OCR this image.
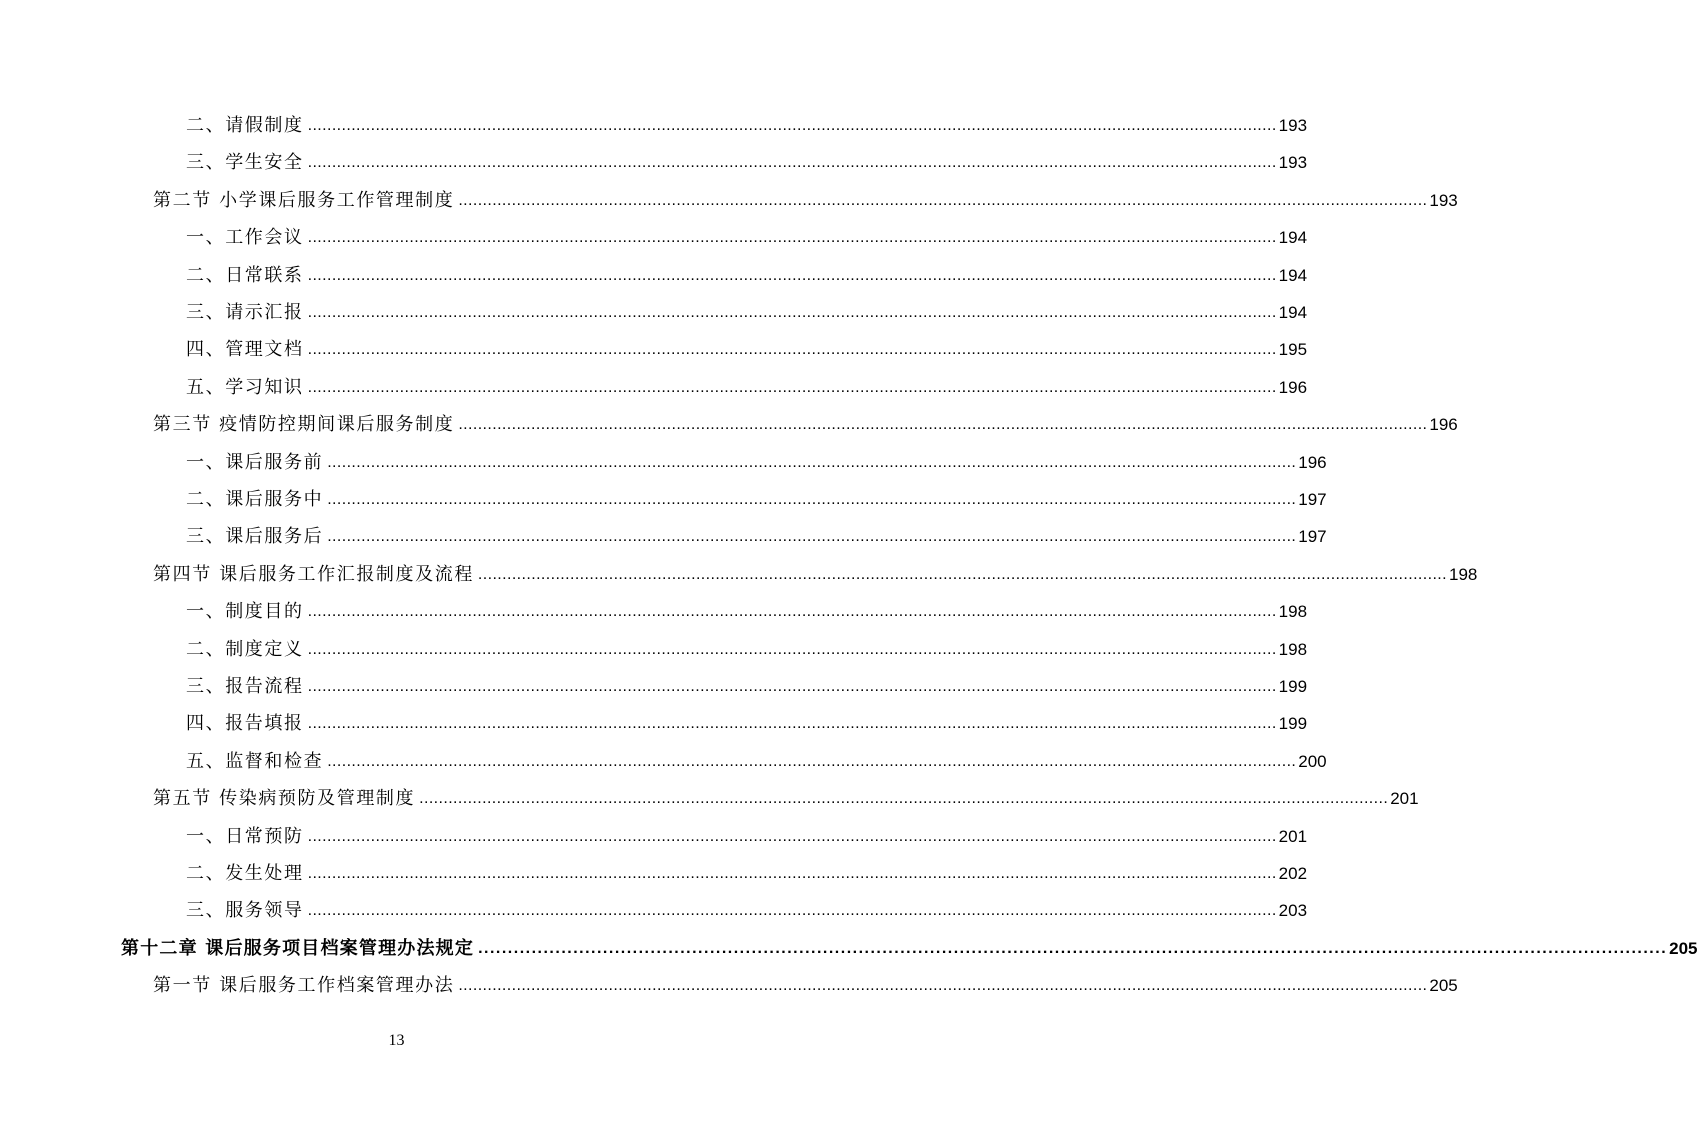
二、请假制度 ........................................................................................................................................................................................................ 193
三、学生安全 ........................................................................................................................................................................................................ 193
第二节 小学课后服务工作管理制度 ........................................................................................................................................................................................................ 193
一、工作会议 ........................................................................................................................................................................................................ 194
二、日常联系 ........................................................................................................................................................................................................ 194
三、请示汇报 ........................................................................................................................................................................................................ 194
四、管理文档 ........................................................................................................................................................................................................ 195
五、学习知识 ........................................................................................................................................................................................................ 196
第三节 疫情防控期间课后服务制度 ........................................................................................................................................................................................................ 196
一、课后服务前 ........................................................................................................................................................................................................ 196
二、课后服务中 ........................................................................................................................................................................................................ 197
三、课后服务后 ........................................................................................................................................................................................................ 197
第四节 课后服务工作汇报制度及流程 ........................................................................................................................................................................................................ 198
一、制度目的 ........................................................................................................................................................................................................ 198
二、制度定义 ........................................................................................................................................................................................................ 198
三、报告流程 ........................................................................................................................................................................................................ 199
四、报告填报 ........................................................................................................................................................................................................ 199
五、监督和检查 ........................................................................................................................................................................................................ 200
第五节 传染病预防及管理制度 ........................................................................................................................................................................................................ 201
一、日常预防 ........................................................................................................................................................................................................ 201
二、发生处理 ........................................................................................................................................................................................................ 202
三、服务领导 ........................................................................................................................................................................................................ 203
第十二章 课后服务项目档案管理办法规定 ........................................................................................................................................................................................................ 205
第一节 课后服务工作档案管理办法 ........................................................................................................................................................................................................ 205
13
